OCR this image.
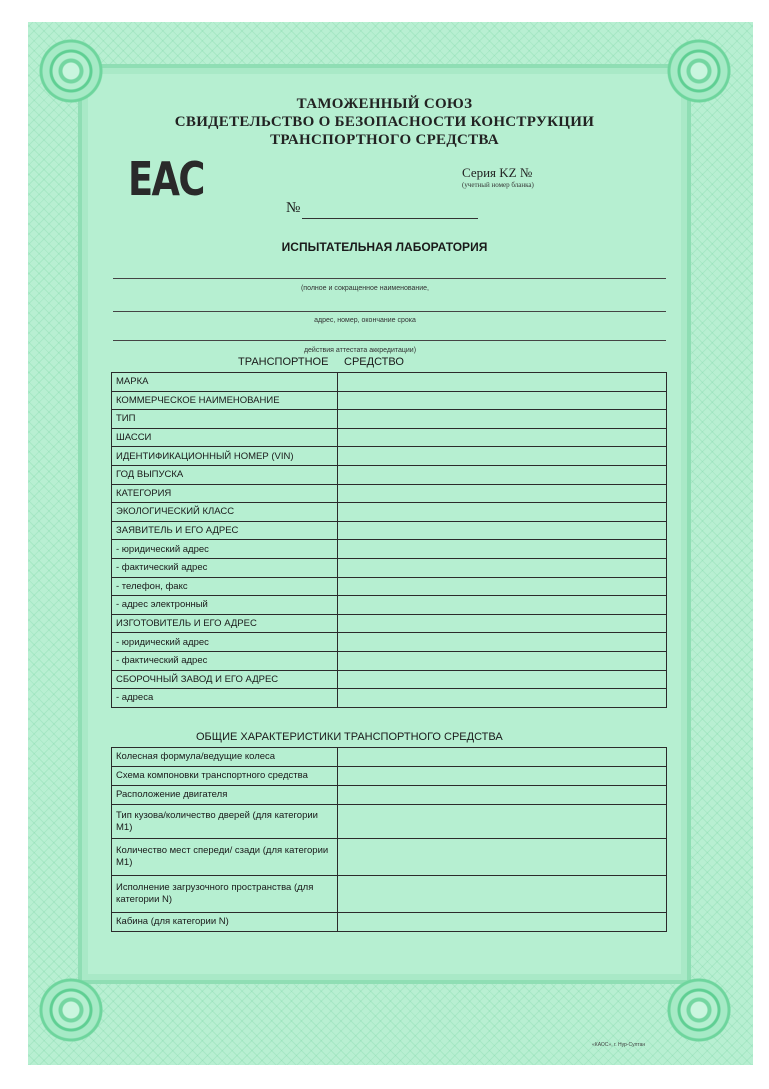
ТАМОЖЕННЫЙ СОЮЗ
СВИДЕТЕЛЬСТВО О БЕЗОПАСНОСТИ КОНСТРУКЦИИ
ТРАНСПОРТНОГО СРЕДСТВА
EAC	Серия KZ №
(учетный номер бланка)
№
ИСПЫТАТЕЛЬНАЯ ЛАБОРАТОРИЯ
(полное и сокращенное наименование,
адрес, номер, окончание срока
действия аттестата аккредитации)
ТРАНСПОРТНОЕ СРЕДСТВО
МАРКА	
КОММЕРЧЕСКОЕ НАИМЕНОВАНИЕ	
ТИП	
ШАССИ	
ИДЕНТИФИКАЦИОННЫЙ НОМЕР (VIN)	
ГОД ВЫПУСКА	
КАТЕГОРИЯ	
ЭКОЛОГИЧЕСКИЙ КЛАСС	
ЗАЯВИТЕЛЬ И ЕГО АДРЕС	
- юридический адрес	
- фактический адрес	
- телефон, факс	
- адрес электронный	
ИЗГОТОВИТЕЛЬ И ЕГО АДРЕС	
- юридический адрес	
- фактический адрес	
СБОРОЧНЫЙ ЗАВОД И ЕГО АДРЕС	
- адреса	
ОБЩИЕ ХАРАКТЕРИСТИКИ ТРАНСПОРТНОГО СРЕДСТВА
Колесная формула/ведущие колеса	
Схема компоновки транспортного средства	
Расположение двигателя	
Тип кузова/количество дверей (для категории М1)	
Количество мест спереди/ сзади (для категории М1)	
Исполнение загрузочного пространства (для категории N)	
Кабина (для категории N)	
«КАОС», г. Нур-Султан
